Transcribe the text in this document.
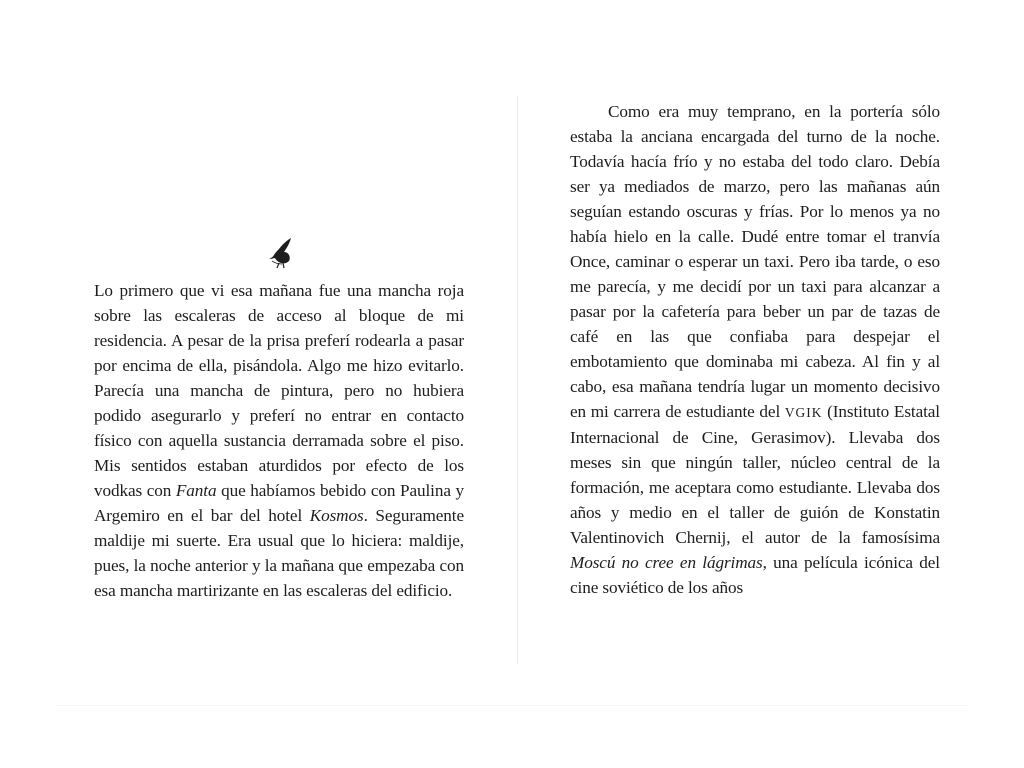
Lo primero que vi esa mañana fue una mancha roja sobre las escaleras de acceso al bloque de mi residencia. A pesar de la prisa preferí rodearla a pasar por encima de ella, pisándola. Algo me hizo evitarlo. Parecía una mancha de pintura, pero no hubiera podido asegurarlo y preferí no entrar en contacto físico con aquella sustancia derramada sobre el piso. Mis sentidos estaban aturdidos por efecto de los vodkas con Fanta que habíamos bebido con Paulina y Argemiro en el bar del hotel Kosmos. Seguramente maldije mi suerte. Era usual que lo hiciera: maldije, pues, la noche anterior y la mañana que empezaba con esa mancha martirizante en las escaleras del edificio.

Como era muy temprano, en la portería sólo estaba la anciana encargada del turno de la noche. Todavía hacía frío y no estaba del todo claro. Debía ser ya mediados de marzo, pero las mañanas aún seguían estando oscuras y frías. Por lo menos ya no había hielo en la calle. Dudé entre tomar el tranvía Once, caminar o esperar un taxi. Pero iba tarde, o eso me parecía, y me decidí por un taxi para alcanzar a pasar por la cafetería para beber un par de tazas de café en las que confiaba para despejar el embotamiento que dominaba mi cabeza. Al fin y al cabo, esa mañana tendría lugar un momento decisivo en mi carrera de estudiante del VGIK (Instituto Estatal Internacional de Cine, Gerasimov). Llevaba dos meses sin que ningún taller, núcleo central de la formación, me aceptara como estudiante. Llevaba dos años y medio en el taller de guión de Konstatin Valentinovich Chernij, el autor de la famosísima Moscú no cree en lágrimas, una película icónica del cine soviético de los años
